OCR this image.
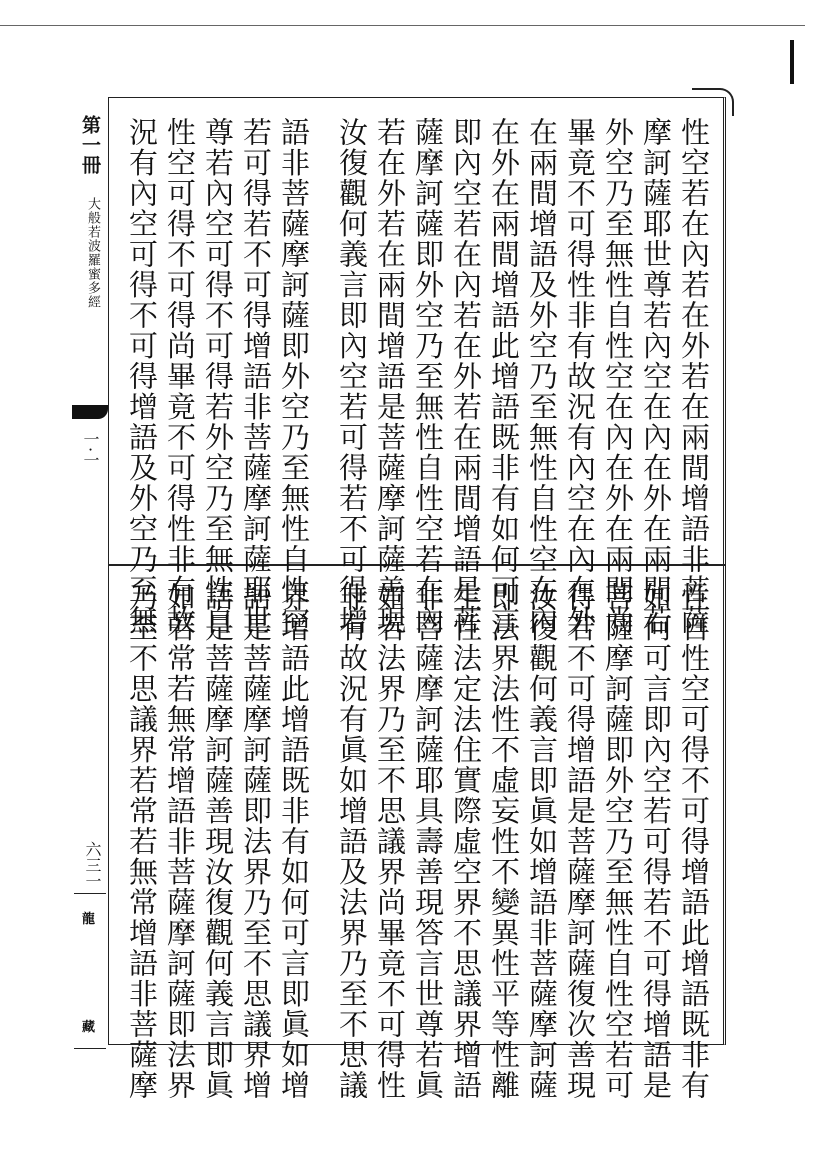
第一冊
大般若波羅蜜多經
一·一
六三一
龍
藏
性空若在內若在外若在兩間增語非菩薩
摩訶薩耶世尊若內空在內在外在兩間若
外空乃至無性自性空在內在外在兩間尚
畢竟不可得性非有故況有內空在內在外
在兩間增語及外空乃至無性自性空在內
在外在兩間增語此增語既非有如何可言
即內空若在內若在外若在兩間增語是菩
薩摩訶薩即外空乃至無性自性空若在內
若在外若在兩間增語是菩薩摩訶薩善現
汝復觀何義言即內空若可得若不可得增
語非菩薩摩訶薩即外空乃至無性自性空
若可得若不可得增語非菩薩摩訶薩耶世
尊若內空可得不可得若外空乃至無性自
性空可得不可得尚畢竟不可得性非有故
況有內空可得不可得增語及外空乃至無
性自性空可得不可得增語此增語既非有
如何可言即內空若可得若不可得增語是
菩薩摩訶薩即外空乃至無性自性空若可
得若不可得增語是菩薩摩訶薩復次善現
汝復觀何義言即眞如增語非菩薩摩訶薩
即法界法性不虛妄性不變異性平等性離
生性法定法住實際虛空界不思議界增語
非菩薩摩訶薩耶具壽善現答言世尊若眞
如若法界乃至不思議界尚畢竟不可得性
非有故況有眞如增語及法界乃至不思議
界增語此增語既非有如何可言即眞如增
語是菩薩摩訶薩即法界乃至不思議界增
語是菩薩摩訶薩善現汝復觀何義言即眞
如若常若無常增語非菩薩摩訶薩即法界
乃至不思議界若常若無常增語非菩薩摩
